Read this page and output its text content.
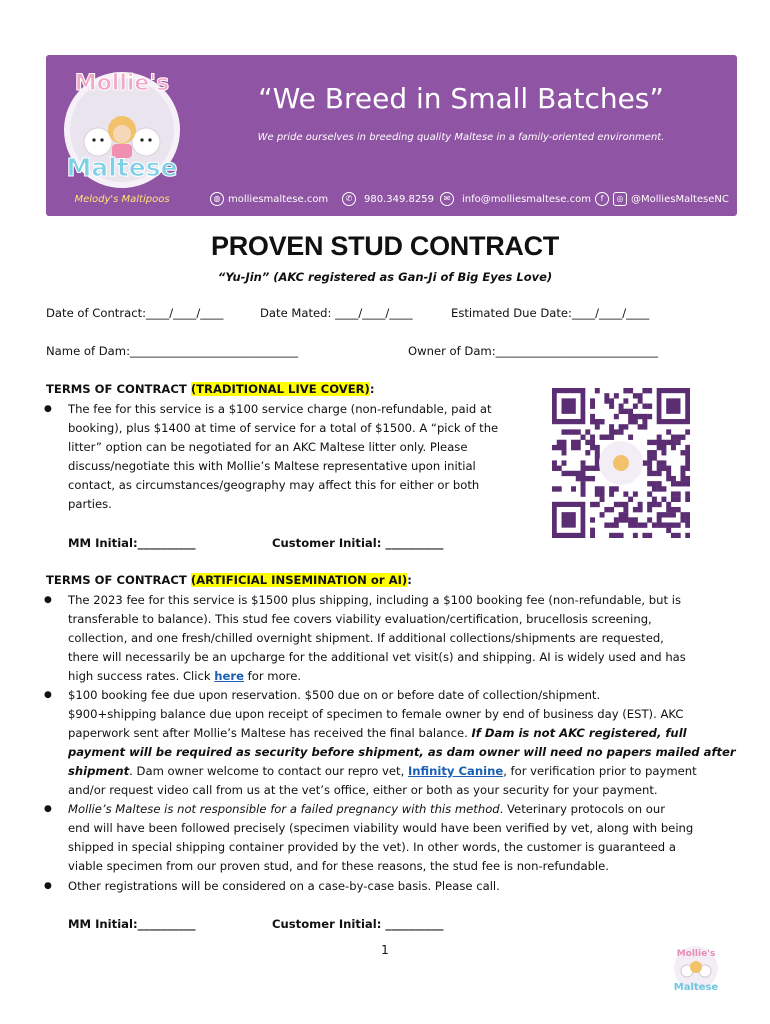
Mollie's
Maltese
Melody's Maltipoos
“We Breed in Small Batches”
We pride ourselves in breeding quality Maltese in a family-oriented environment.
◍ molliesmaltese.com	✆ 980.349.8259	✉ info@molliesmaltese.com	f	◎ @MolliesMalteseNC
PROVEN STUD CONTRACT
“Yu-Jin” (AKC registered as Gan-Ji of Big Eyes Love)
Date of Contract:____/____/____	Date Mated: ____/____/____	Estimated Due Date:____/____/____
Name of Dam:_____________________________	Owner of Dam:____________________________
TERMS OF CONTRACT (TRADITIONAL LIVE COVER):
● The fee for this service is a $100 service charge (non-refundable, paid at
booking), plus $1400 at time of service for a total of $1500. A “pick of the
litter” option can be negotiated for an AKC Maltese litter only. Please
discuss/negotiate this with Mollie’s Maltese representative upon initial
contact, as circumstances/geography may affect this for either or both
parties.
MM Initial:__________	Customer Initial: __________
TERMS OF CONTRACT (ARTIFICIAL INSEMINATION or AI):
● The 2023 fee for this service is $1500 plus shipping, including a $100 booking fee (non-refundable, but is
transferable to balance). This stud fee covers viability evaluation/certification, brucellosis screening,
collection, and one fresh/chilled overnight shipment. If additional collections/shipments are requested,
there will necessarily be an upcharge for the additional vet visit(s) and shipping. AI is widely used and has
high success rates. Click here for more.
● $100 booking fee due upon reservation. $500 due on or before date of collection/shipment.
$900+shipping balance due upon receipt of specimen to female owner by end of business day (EST). AKC
paperwork sent after Mollie’s Maltese has received the final balance. If Dam is not AKC registered, full
payment will be required as security before shipment, as dam owner will need no papers mailed after
shipment. Dam owner welcome to contact our repro vet, Infinity Canine, for verification prior to payment
and/or request video call from us at the vet’s office, either or both as your security for your payment.
● Mollie’s Maltese is not responsible for a failed pregnancy with this method. Veterinary protocols on our
end will have been followed precisely (specimen viability would have been verified by vet, along with being
shipped in special shipping container provided by the vet). In other words, the customer is guaranteed a
viable specimen from our proven stud, and for these reasons, the stud fee is non-refundable.
● Other registrations will be considered on a case-by-case basis. Please call.
MM Initial:__________	Customer Initial: __________
1	Mollie's
Maltese
